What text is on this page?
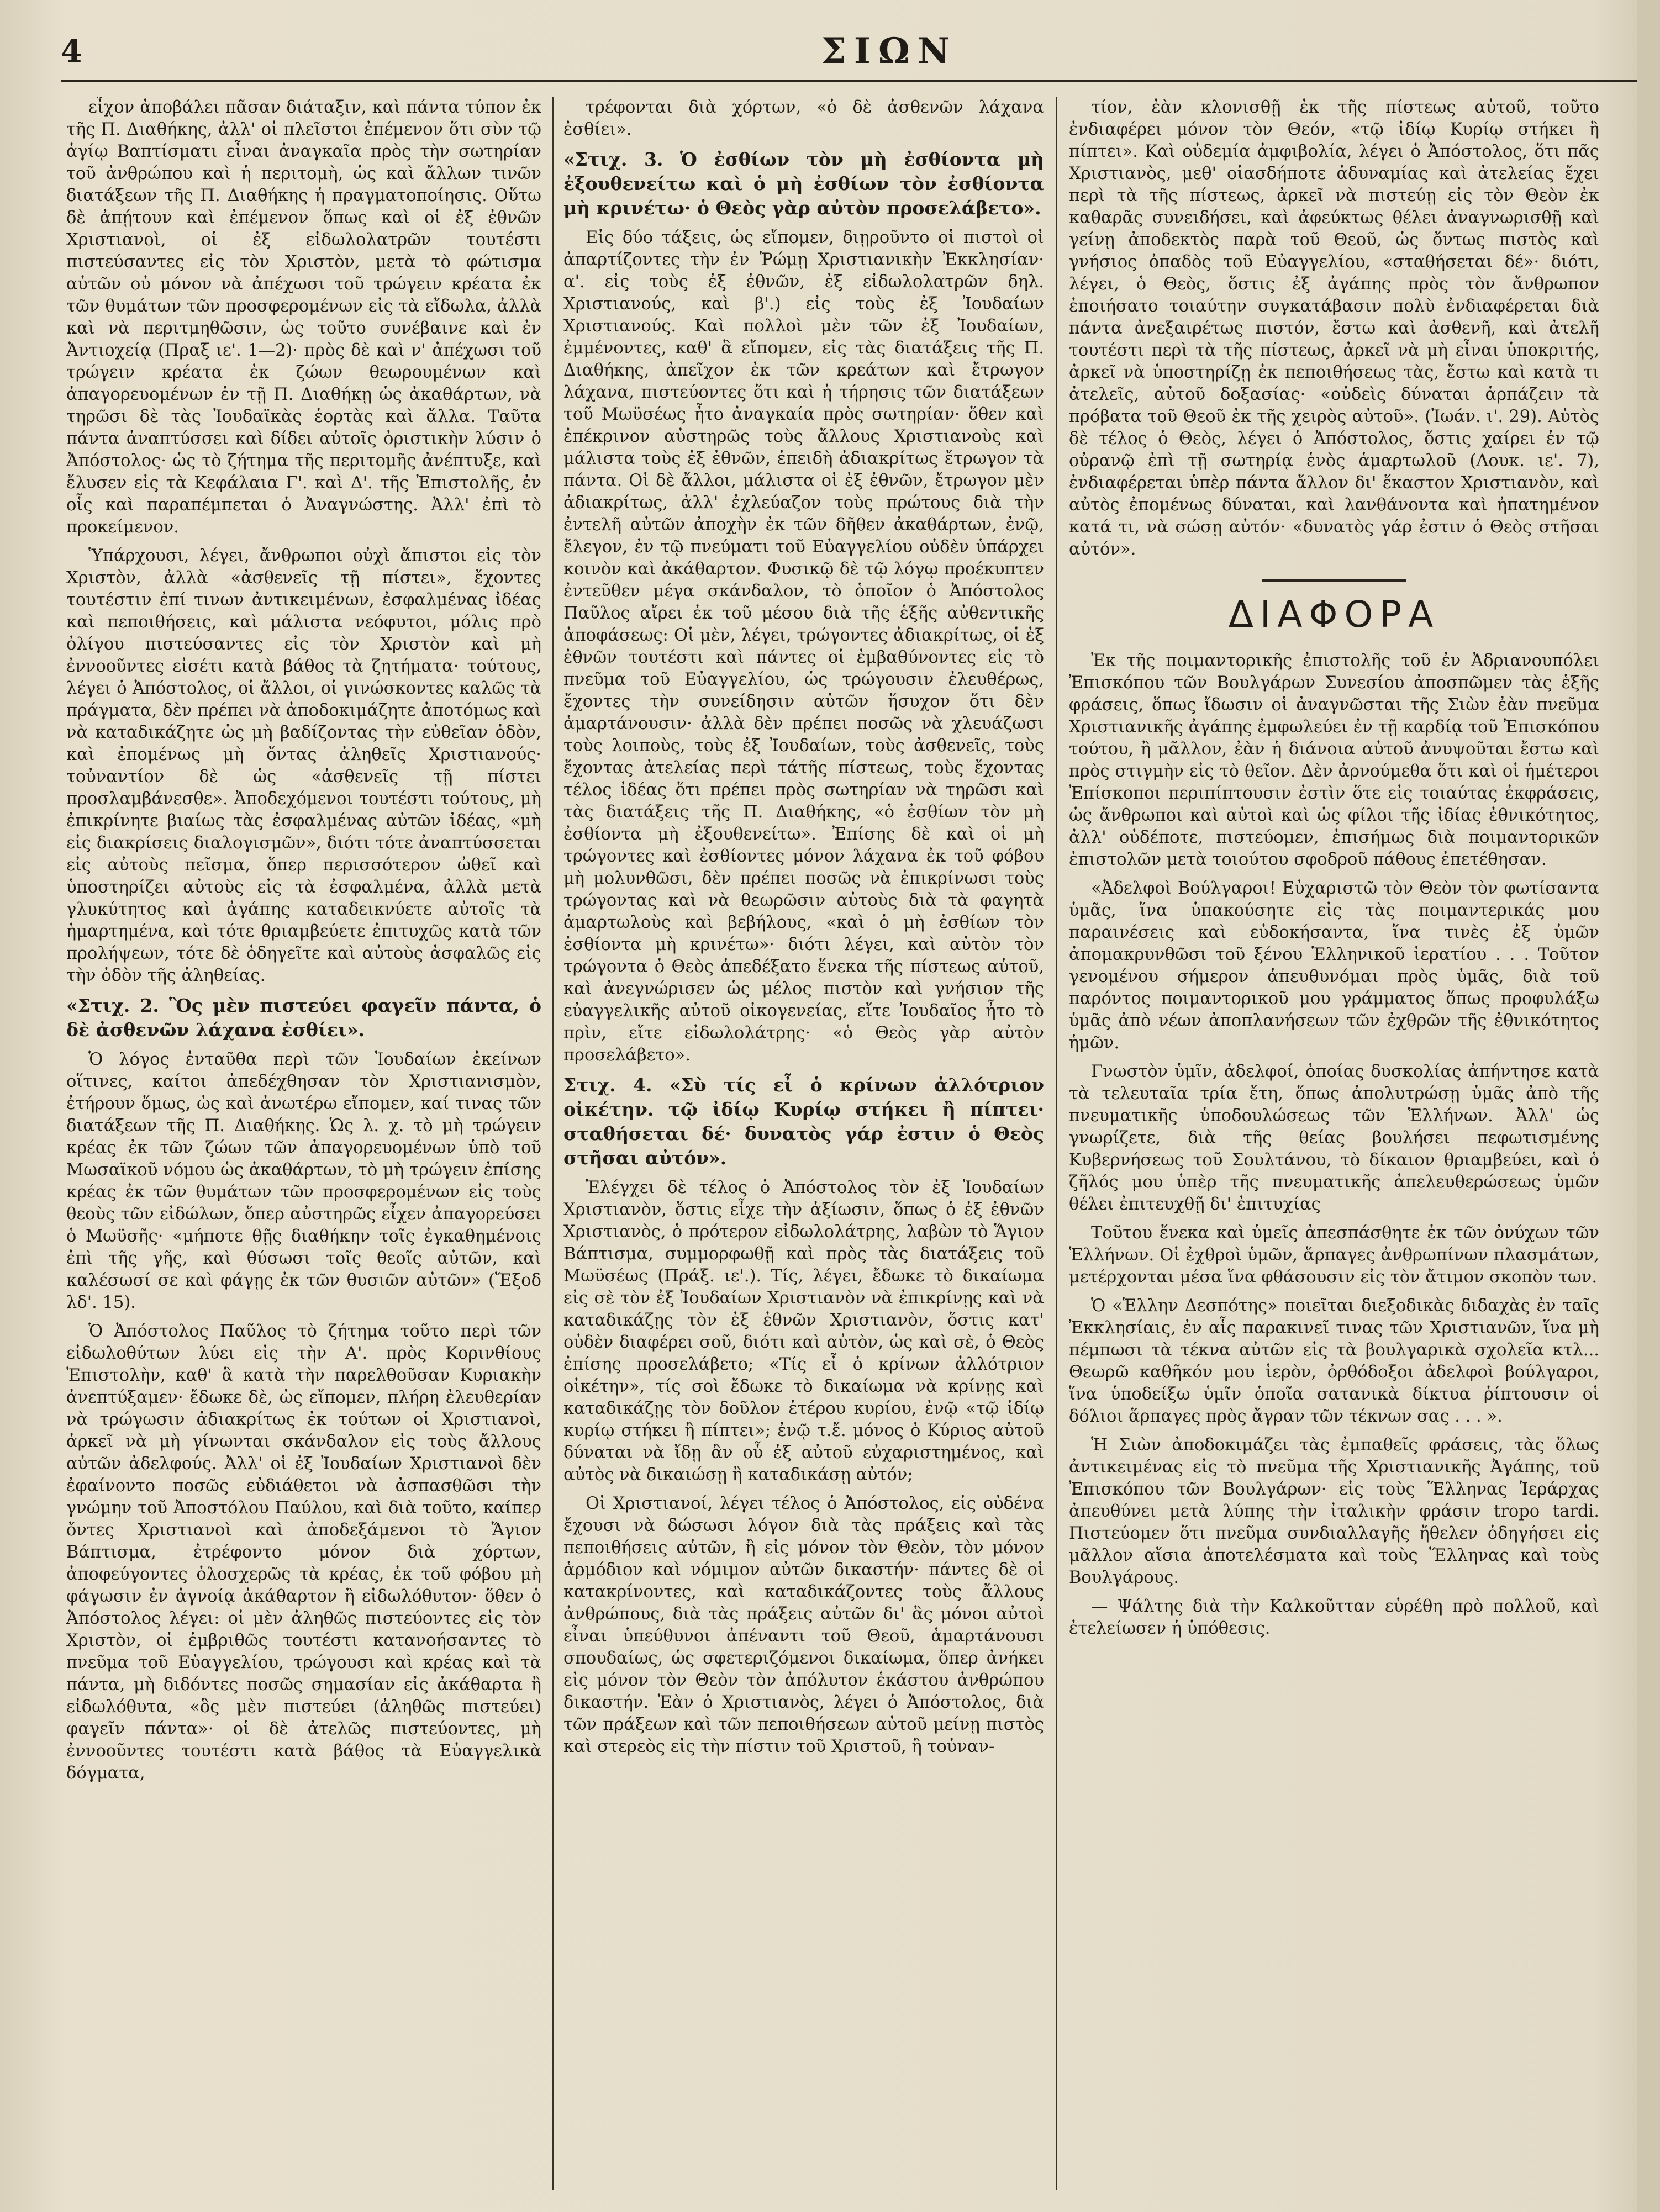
4	ΣΙΩΝ

εἶχον ἀποβάλει πᾶσαν διάταξιν, καὶ πάντα τύπον ἐκ τῆς Π. Διαθήκης, ἀλλ' οἱ πλεῖστοι ἐπέμενον ὅτι σὺν τῷ ἁγίῳ Βαπτίσματι εἶναι ἀναγκαῖα πρὸς τὴν σωτηρίαν τοῦ ἀνθρώπου καὶ ἡ περιτομὴ, ὡς καὶ ἄλλων τινῶν διατάξεων τῆς Π. Διαθήκης ἡ πραγματοποίησις. Οὕτω δὲ ἀπῄτουν καὶ ἐπέμενον ὅπως καὶ οἱ ἐξ ἐθνῶν Χριστιανοὶ, οἱ ἐξ εἰδωλολατρῶν τουτέστι πιστεύσαντες εἰς τὸν Χριστὸν, μετὰ τὸ φώτισμα αὐτῶν οὐ μόνον νὰ ἀπέχωσι τοῦ τρώγειν κρέατα ἐκ τῶν θυμάτων τῶν προσφερομένων εἰς τὰ εἴδωλα, ἀλλὰ καὶ νὰ περιτμηθῶσιν, ὡς τοῦτο συνέβαινε καὶ ἐν Ἀντιοχείᾳ (Πραξ ιε'. 1—2)· πρὸς δὲ καὶ ν' ἀπέχωσι τοῦ τρώγειν κρέατα ἐκ ζώων θεωρουμένων καὶ ἀπαγορευομένων ἐν τῇ Π. Διαθήκῃ ὡς ἀκαθάρτων, νὰ τηρῶσι δὲ τὰς Ἰουδαϊκὰς ἑορτὰς καὶ ἄλλα. Ταῦτα πάντα ἀναπτύσσει καὶ δίδει αὐτοῖς ὀριστικὴν λύσιν ὁ Ἀπόστολος· ὡς τὸ ζήτημα τῆς περιτομῆς ἀνέπτυξε, καὶ ἔλυσεν εἰς τὰ Κεφάλαια Γ'. καὶ Δ'. τῆς Ἐπιστολῆς, ἐν οἷς καὶ παραπέμπεται ὁ Ἀναγνώστης. Ἀλλ' ἐπὶ τὸ προκείμενον.

Ὑπάρχουσι, λέγει, ἄνθρωποι οὐχὶ ἄπιστοι εἰς τὸν Χριστὸν, ἀλλὰ «ἀσθενεῖς τῇ πίστει», ἔχοντες τουτέστιν ἐπί τινων ἀντικειμένων, ἐσφαλμένας ἰδέας καὶ πεποιθήσεις, καὶ μάλιστα νεόφυτοι, μόλις πρὸ ὀλίγου πιστεύσαντες εἰς τὸν Χριστὸν καὶ μὴ ἐννοοῦντες εἰσέτι κατὰ βάθος τὰ ζητήματα· τούτους, λέγει ὁ Ἀπόστολος, οἱ ἄλλοι, οἱ γινώσκοντες καλῶς τὰ πράγματα, δὲν πρέπει νὰ ἀποδοκιμάζητε ἀποτόμως καὶ νὰ καταδικάζητε ὡς μὴ βαδίζοντας τὴν εὐθεῖαν ὁδὸν, καὶ ἐπομένως μὴ ὄντας ἀληθεῖς Χριστιανούς· τοὐναντίον δὲ ὡς «ἀσθενεῖς τῇ πίστει προσλαμβάνεσθε». Ἀποδεχόμενοι τουτέστι τούτους, μὴ ἐπικρίνητε βιαίως τὰς ἐσφαλμένας αὐτῶν ἰδέας, «μὴ εἰς διακρίσεις διαλογισμῶν», διότι τότε ἀναπτύσσεται εἰς αὐτοὺς πεῖσμα, ὅπερ περισσότερον ὠθεῖ καὶ ὑποστηρίζει αὐτοὺς εἰς τὰ ἐσφαλμένα, ἀλλὰ μετὰ γλυκύτητος καὶ ἀγάπης καταδεικνύετε αὐτοῖς τὰ ἡμαρτημένα, καὶ τότε θριαμβεύετε ἐπιτυχῶς κατὰ τῶν προλήψεων, τότε δὲ ὁδηγεῖτε καὶ αὐτοὺς ἀσφαλῶς εἰς τὴν ὁδὸν τῆς ἀληθείας.

«Στιχ. 2. Ὃς μὲν πιστεύει φαγεῖν πάντα, ὁ δὲ ἀσθενῶν λάχανα ἐσθίει».

Ὁ λόγος ἐνταῦθα περὶ τῶν Ἰουδαίων ἐκείνων οἵτινες, καίτοι ἀπεδέχθησαν τὸν Χριστιανισμὸν, ἐτήρουν ὅμως, ὡς καὶ ἀνωτέρω εἴπομεν, καί τινας τῶν διατάξεων τῆς Π. Διαθήκης. Ὡς λ. χ. τὸ μὴ τρώγειν κρέας ἐκ τῶν ζώων τῶν ἀπαγορευομένων ὑπὸ τοῦ Μωσαϊκοῦ νόμου ὡς ἀκαθάρτων, τὸ μὴ τρώγειν ἐπίσης κρέας ἐκ τῶν θυμάτων τῶν προσφερομένων εἰς τοὺς θεοὺς τῶν εἰδώλων, ὅπερ αὐστηρῶς εἶχεν ἀπαγορεύσει ὁ Μωϋσῆς· «μήποτε θῇς διαθήκην τοῖς ἐγκαθημένοις ἐπὶ τῆς γῆς, καὶ θύσωσι τοῖς θεοῖς αὐτῶν, καὶ καλέσωσί σε καὶ φάγῃς ἐκ τῶν θυσιῶν αὐτῶν» (Ἔξοδ λδ'. 15).

Ὁ Ἀπόστολος Παῦλος τὸ ζήτημα τοῦτο περὶ τῶν εἰδωλοθύτων λύει εἰς τὴν Α'. πρὸς Κορινθίους Ἐπιστολὴν, καθ' ἃ κατὰ τὴν παρελθοῦσαν Κυριακὴν ἀνεπτύξαμεν· ἔδωκε δὲ, ὡς εἴπομεν, πλήρη ἐλευθερίαν νὰ τρώγωσιν ἀδιακρίτως ἐκ τούτων οἱ Χριστιανοὶ, ἀρκεῖ νὰ μὴ γίνωνται σκάνδαλον εἰς τοὺς ἄλλους αὐτῶν ἀδελφούς. Ἀλλ' οἱ ἐξ Ἰουδαίων Χριστιανοὶ δὲν ἐφαίνοντο ποσῶς εὐδιάθετοι νὰ ἀσπασθῶσι τὴν γνώμην τοῦ Ἀποστόλου Παύλου, καὶ διὰ τοῦτο, καίπερ ὄντες Χριστιανοὶ καὶ ἀποδεξάμενοι τὸ Ἅγιον Βάπτισμα, ἐτρέφοντο μόνον διὰ χόρτων, ἀποφεύγοντες ὁλοσχερῶς τὰ κρέας, ἐκ τοῦ φόβου μὴ φάγωσιν ἐν ἀγνοίᾳ ἀκάθαρτον ἢ εἰδωλόθυτον· ὅθεν ὁ Ἀπόστολος λέγει: οἱ μὲν ἀληθῶς πιστεύοντες εἰς τὸν Χριστὸν, οἱ ἐμβριθῶς τουτέστι κατανοήσαντες τὸ πνεῦμα τοῦ Εὐαγγελίου, τρώγουσι καὶ κρέας καὶ τὰ πάντα, μὴ διδόντες ποσῶς σημασίαν εἰς ἀκάθαρτα ἢ εἰδωλόθυτα, «ὃς μὲν πιστεύει (ἀληθῶς πιστεύει) φαγεῖν πάντα»· οἱ δὲ ἀτελῶς πιστεύοντες, μὴ ἐννοοῦντες τουτέστι κατὰ βάθος τὰ Εὐαγγελικὰ δόγματα,

τρέφονται διὰ χόρτων, «ὁ δὲ ἀσθενῶν λάχανα ἐσθίει».

«Στιχ. 3. Ὁ ἐσθίων τὸν μὴ ἐσθίοντα μὴ ἐξουθενείτω καὶ ὁ μὴ ἐσθίων τὸν ἐσθίοντα μὴ κρινέτω· ὁ Θεὸς γὰρ αὐτὸν προσελάβετο».

Εἰς δύο τάξεις, ὡς εἴπομεν, διῃροῦντο οἱ πιστοὶ οἱ ἀπαρτίζοντες τὴν ἐν Ῥώμῃ Χριστιανικὴν Ἐκκλησίαν· α'. εἰς τοὺς ἐξ ἐθνῶν, ἐξ εἰδωλολατρῶν δηλ. Χριστιανούς, καὶ β'.) εἰς τοὺς ἐξ Ἰουδαίων Χριστιανούς. Καὶ πολλοὶ μὲν τῶν ἐξ Ἰουδαίων, ἐμμένοντες, καθ' ἃ εἴπομεν, εἰς τὰς διατάξεις τῆς Π. Διαθήκης, ἀπεῖχον ἐκ τῶν κρεάτων καὶ ἔτρωγον λάχανα, πιστεύοντες ὅτι καὶ ἡ τήρησις τῶν διατάξεων τοῦ Μωϋσέως ἦτο ἀναγκαία πρὸς σωτηρίαν· ὅθεν καὶ ἐπέκρινον αὐστηρῶς τοὺς ἄλλους Χριστιανοὺς καὶ μάλιστα τοὺς ἐξ ἐθνῶν, ἐπειδὴ ἀδιακρίτως ἔτρωγον τὰ πάντα. Οἱ δὲ ἄλλοι, μάλιστα οἱ ἐξ ἐθνῶν, ἔτρωγον μὲν ἀδιακρίτως, ἀλλ' ἐχλεύαζον τοὺς πρώτους διὰ τὴν ἐντελῆ αὐτῶν ἀποχὴν ἐκ τῶν δῆθεν ἀκαθάρτων, ἐνῷ, ἔλεγον, ἐν τῷ πνεύματι τοῦ Εὐαγγελίου οὐδὲν ὑπάρχει κοινὸν καὶ ἀκάθαρτον. Φυσικῷ δὲ τῷ λόγῳ προέκυπτεν ἐντεῦθεν μέγα σκάνδαλον, τὸ ὁποῖον ὁ Ἀπόστολος Παῦλος αἴρει ἐκ τοῦ μέσου διὰ τῆς ἑξῆς αὐθεντικῆς ἀποφάσεως: Οἱ μὲν, λέγει, τρώγοντες ἀδιακρίτως, οἱ ἐξ ἐθνῶν τουτέστι καὶ πάντες οἱ ἐμβαθύνοντες εἰς τὸ πνεῦμα τοῦ Εὐαγγελίου, ὡς τρώγουσιν ἐλευθέρως, ἔχοντες τὴν συνείδησιν αὐτῶν ἥσυχον ὅτι δὲν ἁμαρτάνουσιν· ἀλλὰ δὲν πρέπει ποσῶς νὰ χλευάζωσι τοὺς λοιποὺς, τοὺς ἐξ Ἰουδαίων, τοὺς ἀσθενεῖς, τοὺς ἔχοντας ἀτελείας περὶ τάτῆς πίστεως, τοὺς ἔχοντας τέλος ἰδέας ὅτι πρέπει πρὸς σωτηρίαν νὰ τηρῶσι καὶ τὰς διατάξεις τῆς Π. Διαθήκης, «ὁ ἐσθίων τὸν μὴ ἐσθίοντα μὴ ἐξουθενείτω». Ἐπίσης δὲ καὶ οἱ μὴ τρώγοντες καὶ ἐσθίοντες μόνον λάχανα ἐκ τοῦ φόβου μὴ μολυνθῶσι, δὲν πρέπει ποσῶς νὰ ἐπικρίνωσι τοὺς τρώγοντας καὶ νὰ θεωρῶσιν αὐτοὺς διὰ τὰ φαγητὰ ἁμαρτωλοὺς καὶ βεβήλους, «καὶ ὁ μὴ ἐσθίων τὸν ἐσθίοντα μὴ κρινέτω»· διότι λέγει, καὶ αὐτὸν τὸν τρώγοντα ὁ Θεὸς ἀπεδέξατο ἕνεκα τῆς πίστεως αὐτοῦ, καὶ ἀνεγνώρισεν ὡς μέλος πιστὸν καὶ γνήσιον τῆς εὐαγγελικῆς αὐτοῦ οἰκογενείας, εἴτε Ἰουδαῖος ἦτο τὸ πρὶν, εἴτε εἰδωλολάτρης· «ὁ Θεὸς γὰρ αὐτὸν προσελάβετο».

Στιχ. 4. «Σὺ τίς εἶ ὁ κρίνων ἀλλότριον οἰκέτην. τῷ ἰδίῳ Κυρίῳ στήκει ἢ πίπτει· σταθήσεται δέ· δυνατὸς γάρ ἐστιν ὁ Θεὸς στῆσαι αὐτόν».

Ἐλέγχει δὲ τέλος ὁ Ἀπόστολος τὸν ἐξ Ἰουδαίων Χριστιανὸν, ὅστις εἶχε τὴν ἀξίωσιν, ὅπως ὁ ἐξ ἐθνῶν Χριστιανὸς, ὁ πρότερον εἰδωλολάτρης, λαβὼν τὸ Ἅγιον Βάπτισμα, συμμορφωθῇ καὶ πρὸς τὰς διατάξεις τοῦ Μωϋσέως (Πράξ. ιε'.). Τίς, λέγει, ἔδωκε τὸ δικαίωμα εἰς σὲ τὸν ἐξ Ἰουδαίων Χριστιανὸν νὰ ἐπικρίνῃς καὶ νὰ καταδικάζῃς τὸν ἐξ ἐθνῶν Χριστιανὸν, ὅστις κατ' οὐδὲν διαφέρει σοῦ, διότι καὶ αὐτὸν, ὡς καὶ σὲ, ὁ Θεὸς ἐπίσης προσελάβετο; «Τίς εἶ ὁ κρίνων ἀλλότριον οἰκέτην», τίς σοὶ ἔδωκε τὸ δικαίωμα νὰ κρίνῃς καὶ καταδικάζῃς τὸν δοῦλον ἑτέρου κυρίου, ἐνῷ «τῷ ἰδίῳ κυρίῳ στήκει ἢ πίπτει»; ἐνῷ τ.ἔ. μόνος ὁ Κύριος αὐτοῦ δύναται νὰ ἴδῃ ἂν οὗ ἐξ αὐτοῦ εὐχαριστημένος, καὶ αὐτὸς νὰ δικαιώσῃ ἢ καταδικάσῃ αὐτόν;

Οἱ Χριστιανοί, λέγει τέλος ὁ Ἀπόστολος, εἰς οὐδένα ἔχουσι νὰ δώσωσι λόγον διὰ τὰς πράξεις καὶ τὰς πεποιθήσεις αὐτῶν, ἢ εἰς μόνον τὸν Θεὸν, τὸν μόνον ἁρμόδιον καὶ νόμιμον αὐτῶν δικαστήν· πάντες δὲ οἱ κατακρίνοντες, καὶ καταδικάζοντες τοὺς ἄλλους ἀνθρώπους, διὰ τὰς πράξεις αὐτῶν δι' ἃς μόνοι αὐτοὶ εἶναι ὑπεύθυνοι ἀπέναντι τοῦ Θεοῦ, ἁμαρτάνουσι σπουδαίως, ὡς σφετεριζόμενοι δικαίωμα, ὅπερ ἀνήκει εἰς μόνον τὸν Θεὸν τὸν ἀπόλυτον ἑκάστου ἀνθρώπου δικαστήν. Ἐὰν ὁ Χριστιανὸς, λέγει ὁ Ἀπόστολος, διὰ τῶν πράξεων καὶ τῶν πεποιθήσεων αὐτοῦ μείνῃ πιστὸς καὶ στερεὸς εἰς τὴν πίστιν τοῦ Χριστοῦ, ἢ τοὐναν-

τίον, ἐὰν κλονισθῇ ἐκ τῆς πίστεως αὐτοῦ, τοῦτο ἐνδιαφέρει μόνον τὸν Θεόν, «τῷ ἰδίῳ Κυρίῳ στήκει ἢ πίπτει». Καὶ οὐδεμία ἀμφιβολία, λέγει ὁ Ἀπόστολος, ὅτι πᾶς Χριστιανὸς, μεθ' οἱασδήποτε ἀδυναμίας καὶ ἀτελείας ἔχει περὶ τὰ τῆς πίστεως, ἀρκεῖ νὰ πιστεύῃ εἰς τὸν Θεὸν ἐκ καθαρᾶς συνειδήσει, καὶ ἀφεύκτως θέλει ἀναγνωρισθῇ καὶ γείνῃ ἀποδεκτὸς παρὰ τοῦ Θεοῦ, ὡς ὄντως πιστὸς καὶ γνήσιος ὀπαδὸς τοῦ Εὐαγγελίου, «σταθήσεται δέ»· διότι, λέγει, ὁ Θεὸς, ὅστις ἐξ ἀγάπης πρὸς τὸν ἄνθρωπον ἐποιήσατο τοιαύτην συγκατάβασιν πολὺ ἐνδιαφέρεται διὰ πάντα ἀνεξαιρέτως πιστόν, ἔστω καὶ ἀσθενῆ, καὶ ἀτελῆ τουτέστι περὶ τὰ τῆς πίστεως, ἀρκεῖ νὰ μὴ εἶναι ὑποκριτής, ἀρκεῖ νὰ ὑποστηρίζῃ ἐκ πεποιθήσεως τὰς, ἔστω καὶ κατὰ τι ἀτελεῖς, αὐτοῦ δοξασίας· «οὐδεὶς δύναται ἁρπάζειν τὰ πρόβατα τοῦ Θεοῦ ἐκ τῆς χειρὸς αὐτοῦ». (Ἰωάν. ι'. 29). Αὐτὸς δὲ τέλος ὁ Θεὸς, λέγει ὁ Ἀπόστολος, ὅστις χαίρει ἐν τῷ οὐρανῷ ἐπὶ τῇ σωτηρίᾳ ἑνὸς ἁμαρτωλοῦ (Λουκ. ιε'. 7), ἐνδιαφέρεται ὑπὲρ πάντα ἄλλον δι' ἕκαστον Χριστιανὸν, καὶ αὐτὸς ἐπομένως δύναται, καὶ λανθάνοντα καὶ ἠπατημένον κατά τι, νὰ σώσῃ αὐτόν· «δυνατὸς γάρ ἐστιν ὁ Θεὸς στῆσαι αὐτόν».

ΔΙΑΦΟΡΑ

Ἐκ τῆς ποιμαντορικῆς ἐπιστολῆς τοῦ ἐν Ἀδριανουπόλει Ἐπισκόπου τῶν Βουλγάρων Συνεσίου ἀποσπῶμεν τὰς ἑξῆς φράσεις, ὅπως ἴδωσιν οἱ ἀναγνῶσται τῆς Σιὼν ἐὰν πνεῦμα Χριστιανικῆς ἀγάπης ἐμφωλεύει ἐν τῇ καρδίᾳ τοῦ Ἐπισκόπου τούτου, ἢ μᾶλλον, ἐὰν ἡ διάνοια αὐτοῦ ἀνυψοῦται ἔστω καὶ πρὸς στιγμὴν εἰς τὸ θεῖον. Δὲν ἀρνούμεθα ὅτι καὶ οἱ ἡμέτεροι Ἐπίσκοποι περιπίπτουσιν ἐστὶν ὅτε εἰς τοιαύτας ἐκφράσεις, ὡς ἄνθρωποι καὶ αὐτοὶ καὶ ὡς φίλοι τῆς ἰδίας ἐθνικότητος, ἀλλ' οὐδέποτε, πιστεύομεν, ἐπισήμως διὰ ποιμαντορικῶν ἐπιστολῶν μετὰ τοιούτου σφοδροῦ πάθους ἐπετέθησαν.

«Ἀδελφοὶ Βούλγαροι! Εὐχαριστῶ τὸν Θεὸν τὸν φωτίσαντα ὑμᾶς, ἵνα ὑπακούσητε εἰς τὰς ποιμαντερικάς μου παραινέσεις καὶ εὐδοκήσαντα, ἵνα τινὲς ἐξ ὑμῶν ἀπομακρυνθῶσι τοῦ ξένου Ἑλληνικοῦ ἱερατίου . . . Τοῦτον γενομένου σήμερον ἀπευθυνόμαι πρὸς ὑμᾶς, διὰ τοῦ παρόντος ποιμαντορικοῦ μου γράμματος ὅπως προφυλάξω ὑμᾶς ἀπὸ νέων ἀποπλανήσεων τῶν ἐχθρῶν τῆς ἐθνικότητος ἡμῶν.

Γνωστὸν ὑμῖν, ἀδελφοί, ὁποίας δυσκολίας ἀπήντησε κατὰ τὰ τελευταῖα τρία ἔτη, ὅπως ἀπολυτρώσῃ ὑμᾶς ἀπὸ τῆς πνευματικῆς ὑποδουλώσεως τῶν Ἑλλήνων. Ἀλλ' ὡς γνωρίζετε, διὰ τῆς θείας βουλήσει πεφωτισμένης Κυβερνήσεως τοῦ Σουλτάνου, τὸ δίκαιον θριαμβεύει, καὶ ὁ ζῆλός μου ὑπὲρ τῆς πνευματικῆς ἀπελευθερώσεως ὑμῶν θέλει ἐπιτευχθῇ δι' ἐπιτυχίας

Τοῦτου ἕνεκα καὶ ὑμεῖς ἀπεσπάσθητε ἐκ τῶν ὀνύχων τῶν Ἑλλήνων. Οἱ ἐχθροὶ ὑμῶν, ἅρπαγες ἀνθρωπίνων πλασμάτων, μετέρχονται μέσα ἵνα φθάσουσιν εἰς τὸν ἄτιμον σκοπὸν των.

Ὁ «Ἑλλην Δεσπότης» ποιεῖται διεξοδικὰς διδαχὰς ἐν ταῖς Ἐκκλησίαις, ἐν αἷς παρακινεῖ τινας τῶν Χριστιανῶν, ἵνα μὴ πέμπωσι τὰ τέκνα αὐτῶν εἰς τὰ βουλγαρικὰ σχολεῖα κτλ... Θεωρῶ καθῆκόν μου ἱερὸν, ὀρθόδοξοι ἀδελφοὶ βούλγαροι, ἵνα ὑποδείξω ὑμῖν ὁποῖα σατανικὰ δίκτυα ῥίπτουσιν οἱ δόλιοι ἅρπαγες πρὸς ἄγραν τῶν τέκνων σας . . . ».

Ἡ Σιὼν ἀποδοκιμάζει τὰς ἐμπαθεῖς φράσεις, τὰς ὅλως ἀντικειμένας εἰς τὸ πνεῦμα τῆς Χριστιανικῆς Ἀγάπης, τοῦ Ἐπισκόπου τῶν Βουλγάρων· εἰς τοὺς Ἕλληνας Ἱεράρχας ἀπευθύνει μετὰ λύπης τὴν ἰταλικὴν φράσιν tropo tardi. Πιστεύομεν ὅτι πνεῦμα συνδιαλλαγῆς ἤθελεν ὁδηγήσει εἰς μᾶλλον αἴσια ἀποτελέσματα καὶ τοὺς Ἕλληνας καὶ τοὺς Βουλγάρους.

— Ψάλτης διὰ τὴν Καλκοῦτταν εὑρέθη πρὸ πολλοῦ, καὶ ἐτελείωσεν ἡ ὑπόθεσις.
